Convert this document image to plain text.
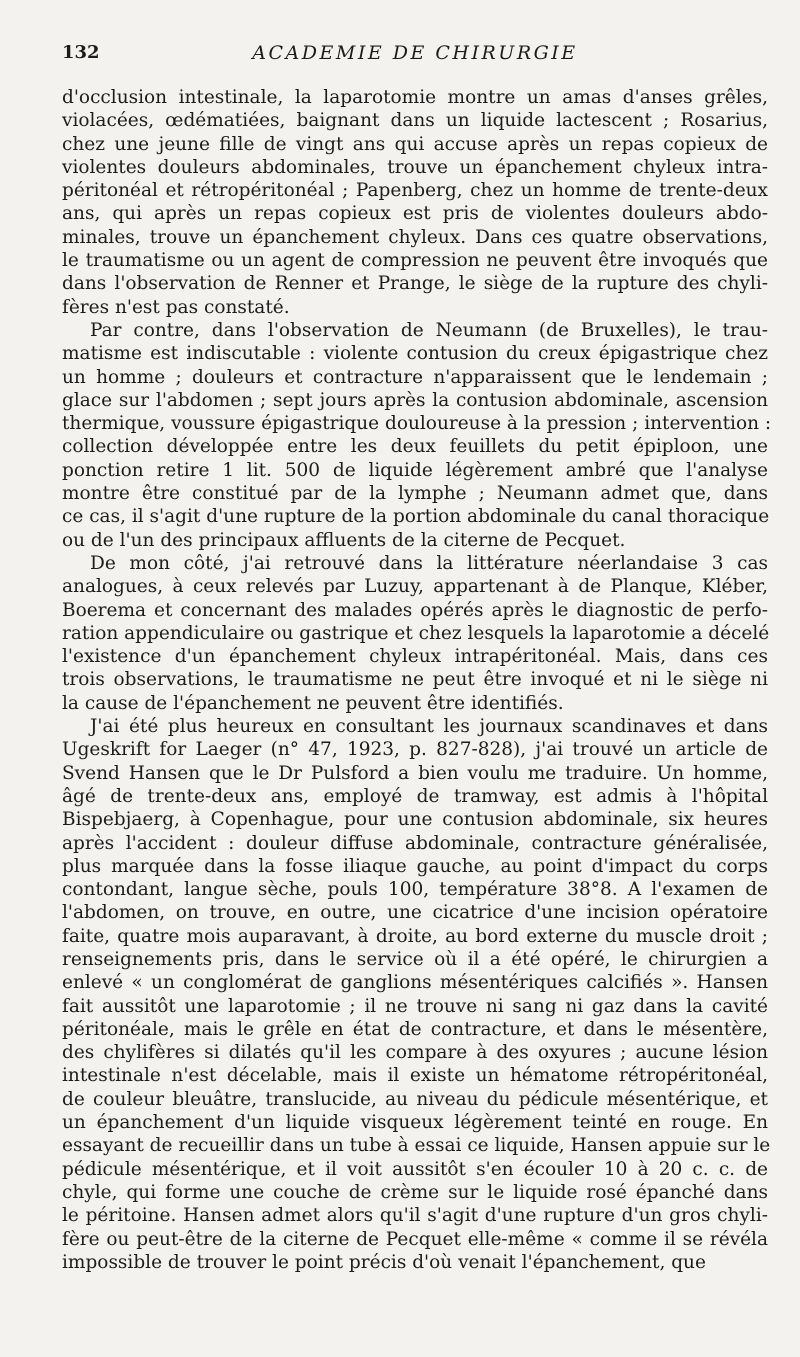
132	ACADEMIE DE CHIRURGIE
d'occlusion intestinale, la laparotomie montre un amas d'anses grêles,
violacées, œdématiées, baignant dans un liquide lactescent ; Rosarius,
chez une jeune fille de vingt ans qui accuse après un repas copieux de
violentes douleurs abdominales, trouve un épanchement chyleux intra-
péritonéal et rétropéritonéal ; Papenberg, chez un homme de trente-deux
ans, qui après un repas copieux est pris de violentes douleurs abdo-
minales, trouve un épanchement chyleux. Dans ces quatre observations,
le traumatisme ou un agent de compression ne peuvent être invoqués que
dans l'observation de Renner et Prange, le siège de la rupture des chyli-
fères n'est pas constaté.
Par contre, dans l'observation de Neumann (de Bruxelles), le trau-
matisme est indiscutable : violente contusion du creux épigastrique chez
un homme ; douleurs et contracture n'apparaissent que le lendemain ;
glace sur l'abdomen ; sept jours après la contusion abdominale, ascension
thermique, voussure épigastrique douloureuse à la pression ; intervention :
collection développée entre les deux feuillets du petit épiploon, une
ponction retire 1 lit. 500 de liquide légèrement ambré que l'analyse
montre être constitué par de la lymphe ; Neumann admet que, dans
ce cas, il s'agit d'une rupture de la portion abdominale du canal thoracique
ou de l'un des principaux affluents de la citerne de Pecquet.
De mon côté, j'ai retrouvé dans la littérature néerlandaise 3 cas
analogues, à ceux relevés par Luzuy, appartenant à de Planque, Kléber,
Boerema et concernant des malades opérés après le diagnostic de perfo-
ration appendiculaire ou gastrique et chez lesquels la laparotomie a décelé
l'existence d'un épanchement chyleux intrapéritonéal. Mais, dans ces
trois observations, le traumatisme ne peut être invoqué et ni le siège ni
la cause de l'épanchement ne peuvent être identifiés.
J'ai été plus heureux en consultant les journaux scandinaves et dans
Ugeskrift for Laeger (n° 47, 1923, p. 827-828), j'ai trouvé un article de
Svend Hansen que le Dr Pulsford a bien voulu me traduire. Un homme,
âgé de trente-deux ans, employé de tramway, est admis à l'hôpital
Bispebjaerg, à Copenhague, pour une contusion abdominale, six heures
après l'accident : douleur diffuse abdominale, contracture généralisée,
plus marquée dans la fosse iliaque gauche, au point d'impact du corps
contondant, langue sèche, pouls 100, température 38°8. A l'examen de
l'abdomen, on trouve, en outre, une cicatrice d'une incision opératoire
faite, quatre mois auparavant, à droite, au bord externe du muscle droit ;
renseignements pris, dans le service où il a été opéré, le chirurgien a
enlevé « un conglomérat de ganglions mésentériques calcifiés ». Hansen
fait aussitôt une laparotomie ; il ne trouve ni sang ni gaz dans la cavité
péritonéale, mais le grêle en état de contracture, et dans le mésentère,
des chylifères si dilatés qu'il les compare à des oxyures ; aucune lésion
intestinale n'est décelable, mais il existe un hématome rétropéritonéal,
de couleur bleuâtre, translucide, au niveau du pédicule mésentérique, et
un épanchement d'un liquide visqueux légèrement teinté en rouge. En
essayant de recueillir dans un tube à essai ce liquide, Hansen appuie sur le
pédicule mésentérique, et il voit aussitôt s'en écouler 10 à 20 c. c. de
chyle, qui forme une couche de crème sur le liquide rosé épanché dans
le péritoine. Hansen admet alors qu'il s'agit d'une rupture d'un gros chyli-
fère ou peut-être de la citerne de Pecquet elle-même « comme il se révéla
impossible de trouver le point précis d'où venait l'épanchement, que
